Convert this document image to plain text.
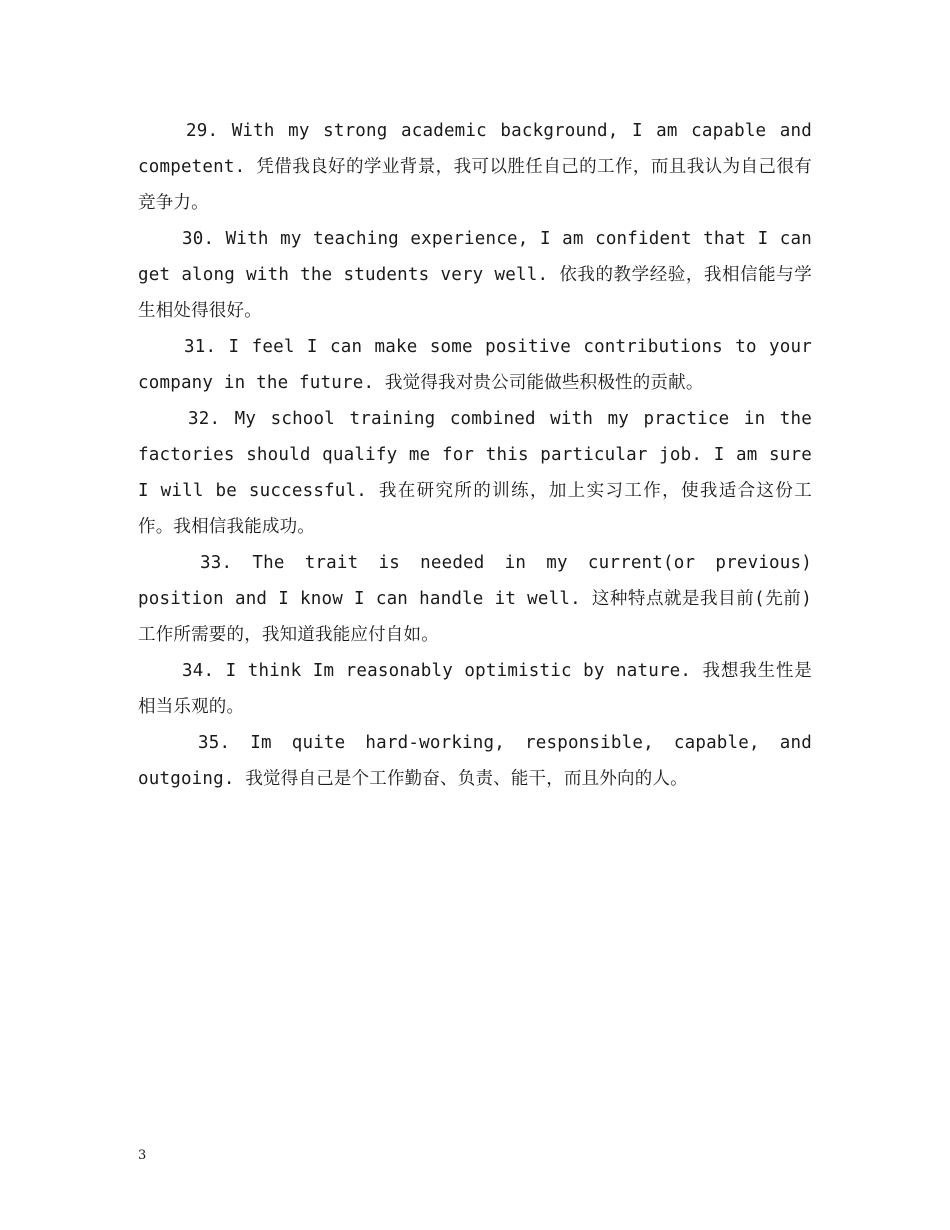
29. With my strong academic background, I am capable and competent. 凭借我良好的学业背景，我可以胜任自己的工作，而且我认为自己很有竞争力。

30. With my teaching experience, I am confident that I can get along with the students very well. 依我的教学经验，我相信能与学生相处得很好。

31. I feel I can make some positive contributions to your company in the future. 我觉得我对贵公司能做些积极性的贡献。

32. My school training combined with my practice in the factories should qualify me for this particular job. I am sure I will be successful. 我在研究所的训练，加上实习工作，使我适合这份工作。我相信我能成功。

33. The trait is needed in my current(or previous) position and I know I can handle it well. 这种特点就是我目前(先前)工作所需要的，我知道我能应付自如。

34. I think Im reasonably optimistic by nature. 我想我生性是相当乐观的。

35. Im quite hard-working, responsible, capable, and outgoing. 我觉得自己是个工作勤奋、负责、能干，而且外向的人。

3
